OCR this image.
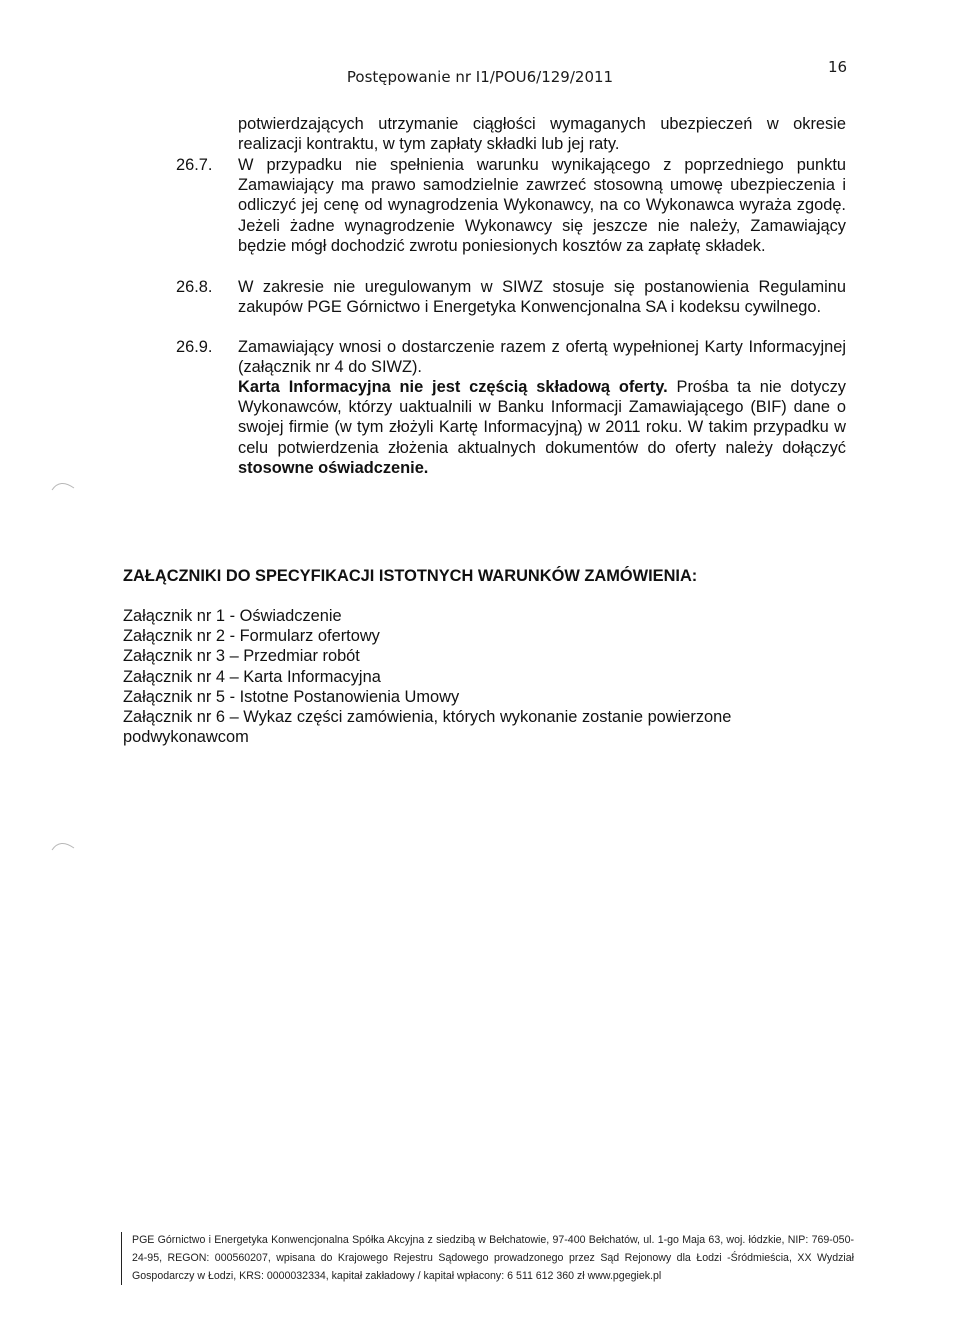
Postępowanie nr I1/POU6/129/2011
16

potwierdzających utrzymanie ciągłości wymaganych ubezpieczeń w okresie realizacji kontraktu, w tym zapłaty składki lub jej raty.

26.7. W przypadku nie spełnienia warunku wynikającego z poprzedniego punktu Zamawiający ma prawo samodzielnie zawrzeć stosowną umowę ubezpieczenia i odliczyć jej cenę od wynagrodzenia Wykonawcy, na co Wykonawca wyraża zgodę. Jeżeli żadne wynagrodzenie Wykonawcy się jeszcze nie należy, Zamawiający będzie mógł dochodzić zwrotu poniesionych kosztów za zapłatę składek.

26.8. W zakresie nie uregulowanym w SIWZ stosuje się postanowienia Regulaminu zakupów PGE Górnictwo i Energetyka Konwencjonalna SA i kodeksu cywilnego.

26.9. Zamawiający wnosi o dostarczenie razem z ofertą wypełnionej Karty Informacyjnej (załącznik nr 4 do SIWZ).

Karta Informacyjna nie jest częścią składową oferty. Prośba ta nie dotyczy Wykonawców, którzy uaktualnili w Banku Informacji Zamawiającego (BIF) dane o swojej firmie (w tym złożyli Kartę Informacyjną) w 2011 roku. W takim przypadku w celu potwierdzenia złożenia aktualnych dokumentów do oferty należy dołączyć stosowne oświadczenie.

ZAŁĄCZNIKI DO SPECYFIKACJI ISTOTNYCH WARUNKÓW ZAMÓWIENIA:
Załącznik nr 1 - Oświadczenie
Załącznik nr 2 - Formularz ofertowy
Załącznik nr 3 – Przedmiar robót
Załącznik nr 4 – Karta Informacyjna
Załącznik nr 5 - Istotne Postanowienia Umowy
Załącznik nr 6 – Wykaz części zamówienia, których wykonanie zostanie powierzone podwykonawcom
PGE Górnictwo i Energetyka Konwencjonalna Spółka Akcyjna z siedzibą w Bełchatowie, 97-400 Bełchatów, ul. 1-go Maja 63, woj. łódzkie, NIP: 769-050-24-95, REGON: 000560207, wpisana do Krajowego Rejestru Sądowego prowadzonego przez Sąd Rejonowy dla Łodzi -Śródmieścia, XX Wydział Gospodarczy w Łodzi, KRS: 0000032334, kapitał zakładowy / kapitał wpłacony: 6 511 612 360 zł www.pgegiek.pl
